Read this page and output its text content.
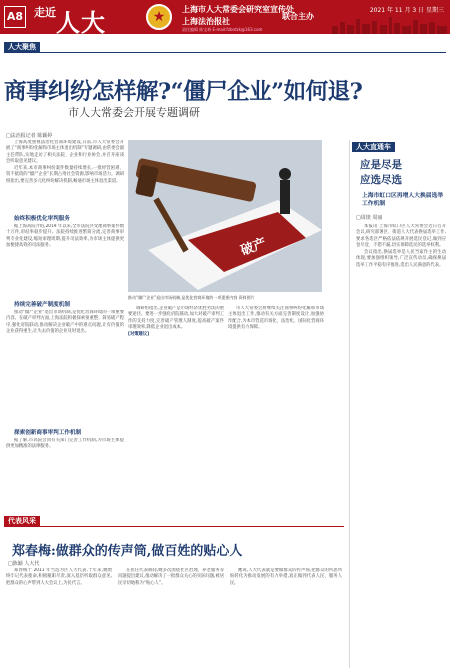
A8 走近 人大	★	上海市人大常委会研究室宣传处
上海法治报社
联合主办
责任编辑 陈宝林 E-mail:fzbrdzk@163.com
2021 年 11 月 3 日 星期三
人大聚焦
商事纠纷怎样解?“僵尸企业”如何退?
市人大常委会开展专题调研
□法治报记者 陈颖婷

上海高度重视法治化营商环境建设,日前,市人大常委会开展了“商事纠纷化解和市场主体退出机制”专题调研,由常委会副主任带队,实地走访了相关法院、企业和行业协会,并召开座谈会听取意见建议。

近年来,本市商事纠纷案件数量持续增长,一批经营困难、资不抵债的“僵尸企业”长期占用社会资源,影响市场活力。调研组指出,要完善多元化纠纷解决机制,畅通市场主体退出渠道。

始终积极优化审判服务

据上海高院介绍,2019 年以来,全市法院共受理商事案件数十万件,审结率稳步提升。法院持续推进繁简分流,完善商事审判专业化建设,缩短审理周期,提升司法效率,为市场主体提供更加便捷高效的司法服务。

持续完善破产制度机制

推动“僵尸企业”退出市场机制,是优化营商环境的一项重要内容。在破产审判方面,上海法院积极探索预重整、简易破产程序,强化府院联动,推动解决企业破产中的难点问题,让有价值的企业获得重生,让失去价值的企业及时退出。

探索创新商事审判工作机制

据了解,市高院会同有关部门完善工作机制,为市场主体提供更加精准的法律服务。

破产
推动“僵尸企业”退出市场机制,是优化营商环境的一项重要内容 资料图片

调研组指出,企业破产是市场经济优胜劣汰的重要途径。要进一步强化府院联动,加大对破产审判工作的支持力度,完善破产管理人制度,提高破产案件审理效率,降低企业退出成本。

[对策建议]

市人大常委会将继续关注商事纠纷化解和市场主体退出工作,推动有关方面完善制度设计,加强协作配合,为本市营造市场化、法治化、国际化营商环境提供有力保障。

人大直通车
应是尽是
应选尽选
上海市虹口区再增人大换届选举工作机制
□周琰 周丽

本报讯 上海市虹口区人大常委会近日召开会议,研究部署区、街道人大代表换届选举工作,要求各选区严格依法依规开展选民登记,做到应登尽登、不错不漏,切实保障选民的选举权利。

会议指出,换届选举是人民当家作主的生动体现,要加强组织领导,广泛宣传动员,确保换届选举工作平稳有序推进,选出人民满意的代表。

代表风采
郑春梅:做群众的传声筒,做百姓的贴心人
□陈颖 人大代

郑春梅于 2011 年当选为区人大代表,十年来,她始终牢记代表使命,积极履职尽责,深入基层听取群众意见,把群众的心声带到人大会议上,为民代言。

在担任代表期间,她多次围绕社区治理、养老服务等问题提出建议,推动解决了一批群众关心的实际问题,被居民亲切地称为“贴心人”。

她说,人大代表就是要做群众的传声筒,把群众的所思所盼转化为推动发展的有力举措,真正做到代表人民、服务人民。
